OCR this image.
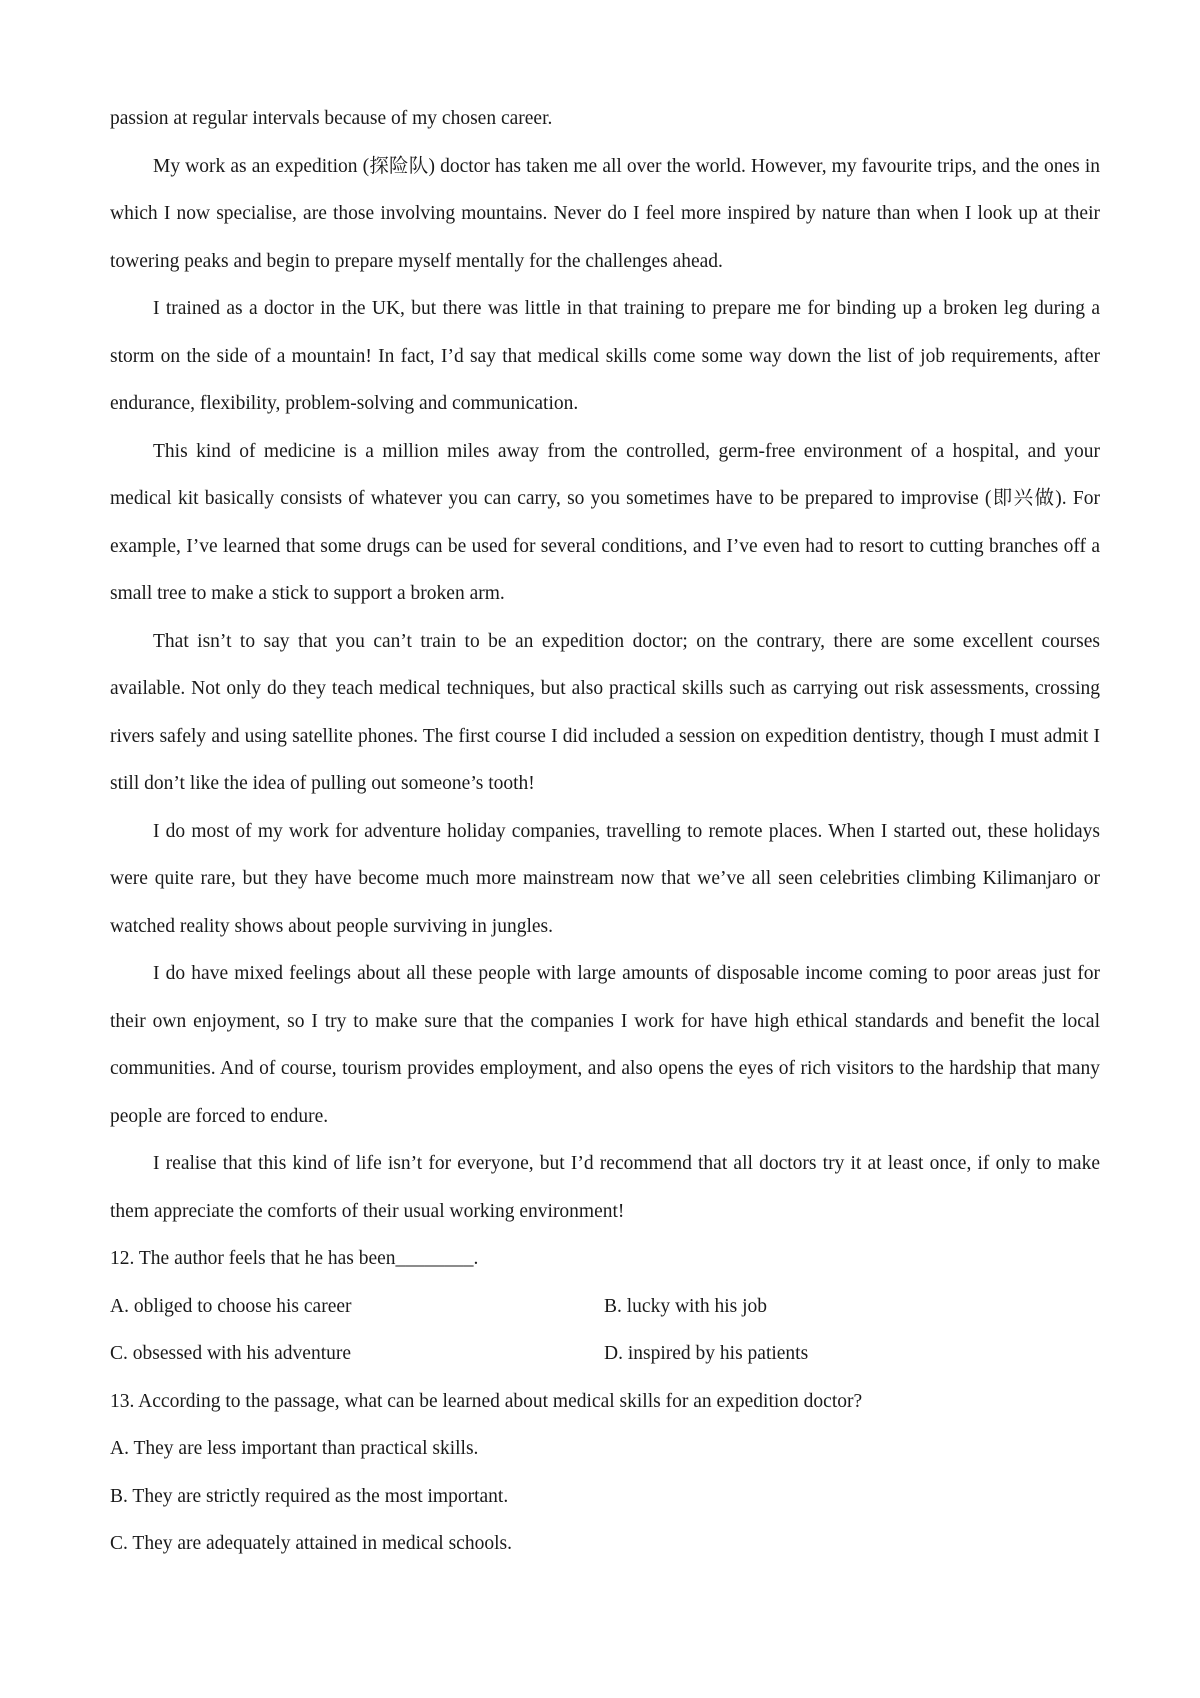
passion at regular intervals because of my chosen career.

My work as an expedition (探险队) doctor has taken me all over the world. However, my favourite trips, and the ones in which I now specialise, are those involving mountains. Never do I feel more inspired by nature than when I look up at their towering peaks and begin to prepare myself mentally for the challenges ahead.

I trained as a doctor in the UK, but there was little in that training to prepare me for binding up a broken leg during a storm on the side of a mountain! In fact, I’d say that medical skills come some way down the list of job requirements, after endurance, flexibility, problem-solving and communication.

This kind of medicine is a million miles away from the controlled, germ-free environment of a hospital, and your medical kit basically consists of whatever you can carry, so you sometimes have to be prepared to improvise (即兴做). For example, I’ve learned that some drugs can be used for several conditions, and I’ve even had to resort to cutting branches off a small tree to make a stick to support a broken arm.

That isn’t to say that you can’t train to be an expedition doctor; on the contrary, there are some excellent courses available. Not only do they teach medical techniques, but also practical skills such as carrying out risk assessments, crossing rivers safely and using satellite phones. The first course I did included a session on expedition dentistry, though I must admit I still don’t like the idea of pulling out someone’s tooth!

I do most of my work for adventure holiday companies, travelling to remote places. When I started out, these holidays were quite rare, but they have become much more mainstream now that we’ve all seen celebrities climbing Kilimanjaro or watched reality shows about people surviving in jungles.

I do have mixed feelings about all these people with large amounts of disposable income coming to poor areas just for their own enjoyment, so I try to make sure that the companies I work for have high ethical standards and benefit the local communities. And of course, tourism provides employment, and also opens the eyes of rich visitors to the hardship that many people are forced to endure.

I realise that this kind of life isn’t for everyone, but I’d recommend that all doctors try it at least once, if only to make them appreciate the comforts of their usual working environment!

12. The author feels that he has been________.

A. obliged to choose his career	B. lucky with his job
C. obsessed with his adventure	D. inspired by his patients

13. According to the passage, what can be learned about medical skills for an expedition doctor?

A. They are less important than practical skills.

B. They are strictly required as the most important.

C. They are adequately attained in medical schools.
